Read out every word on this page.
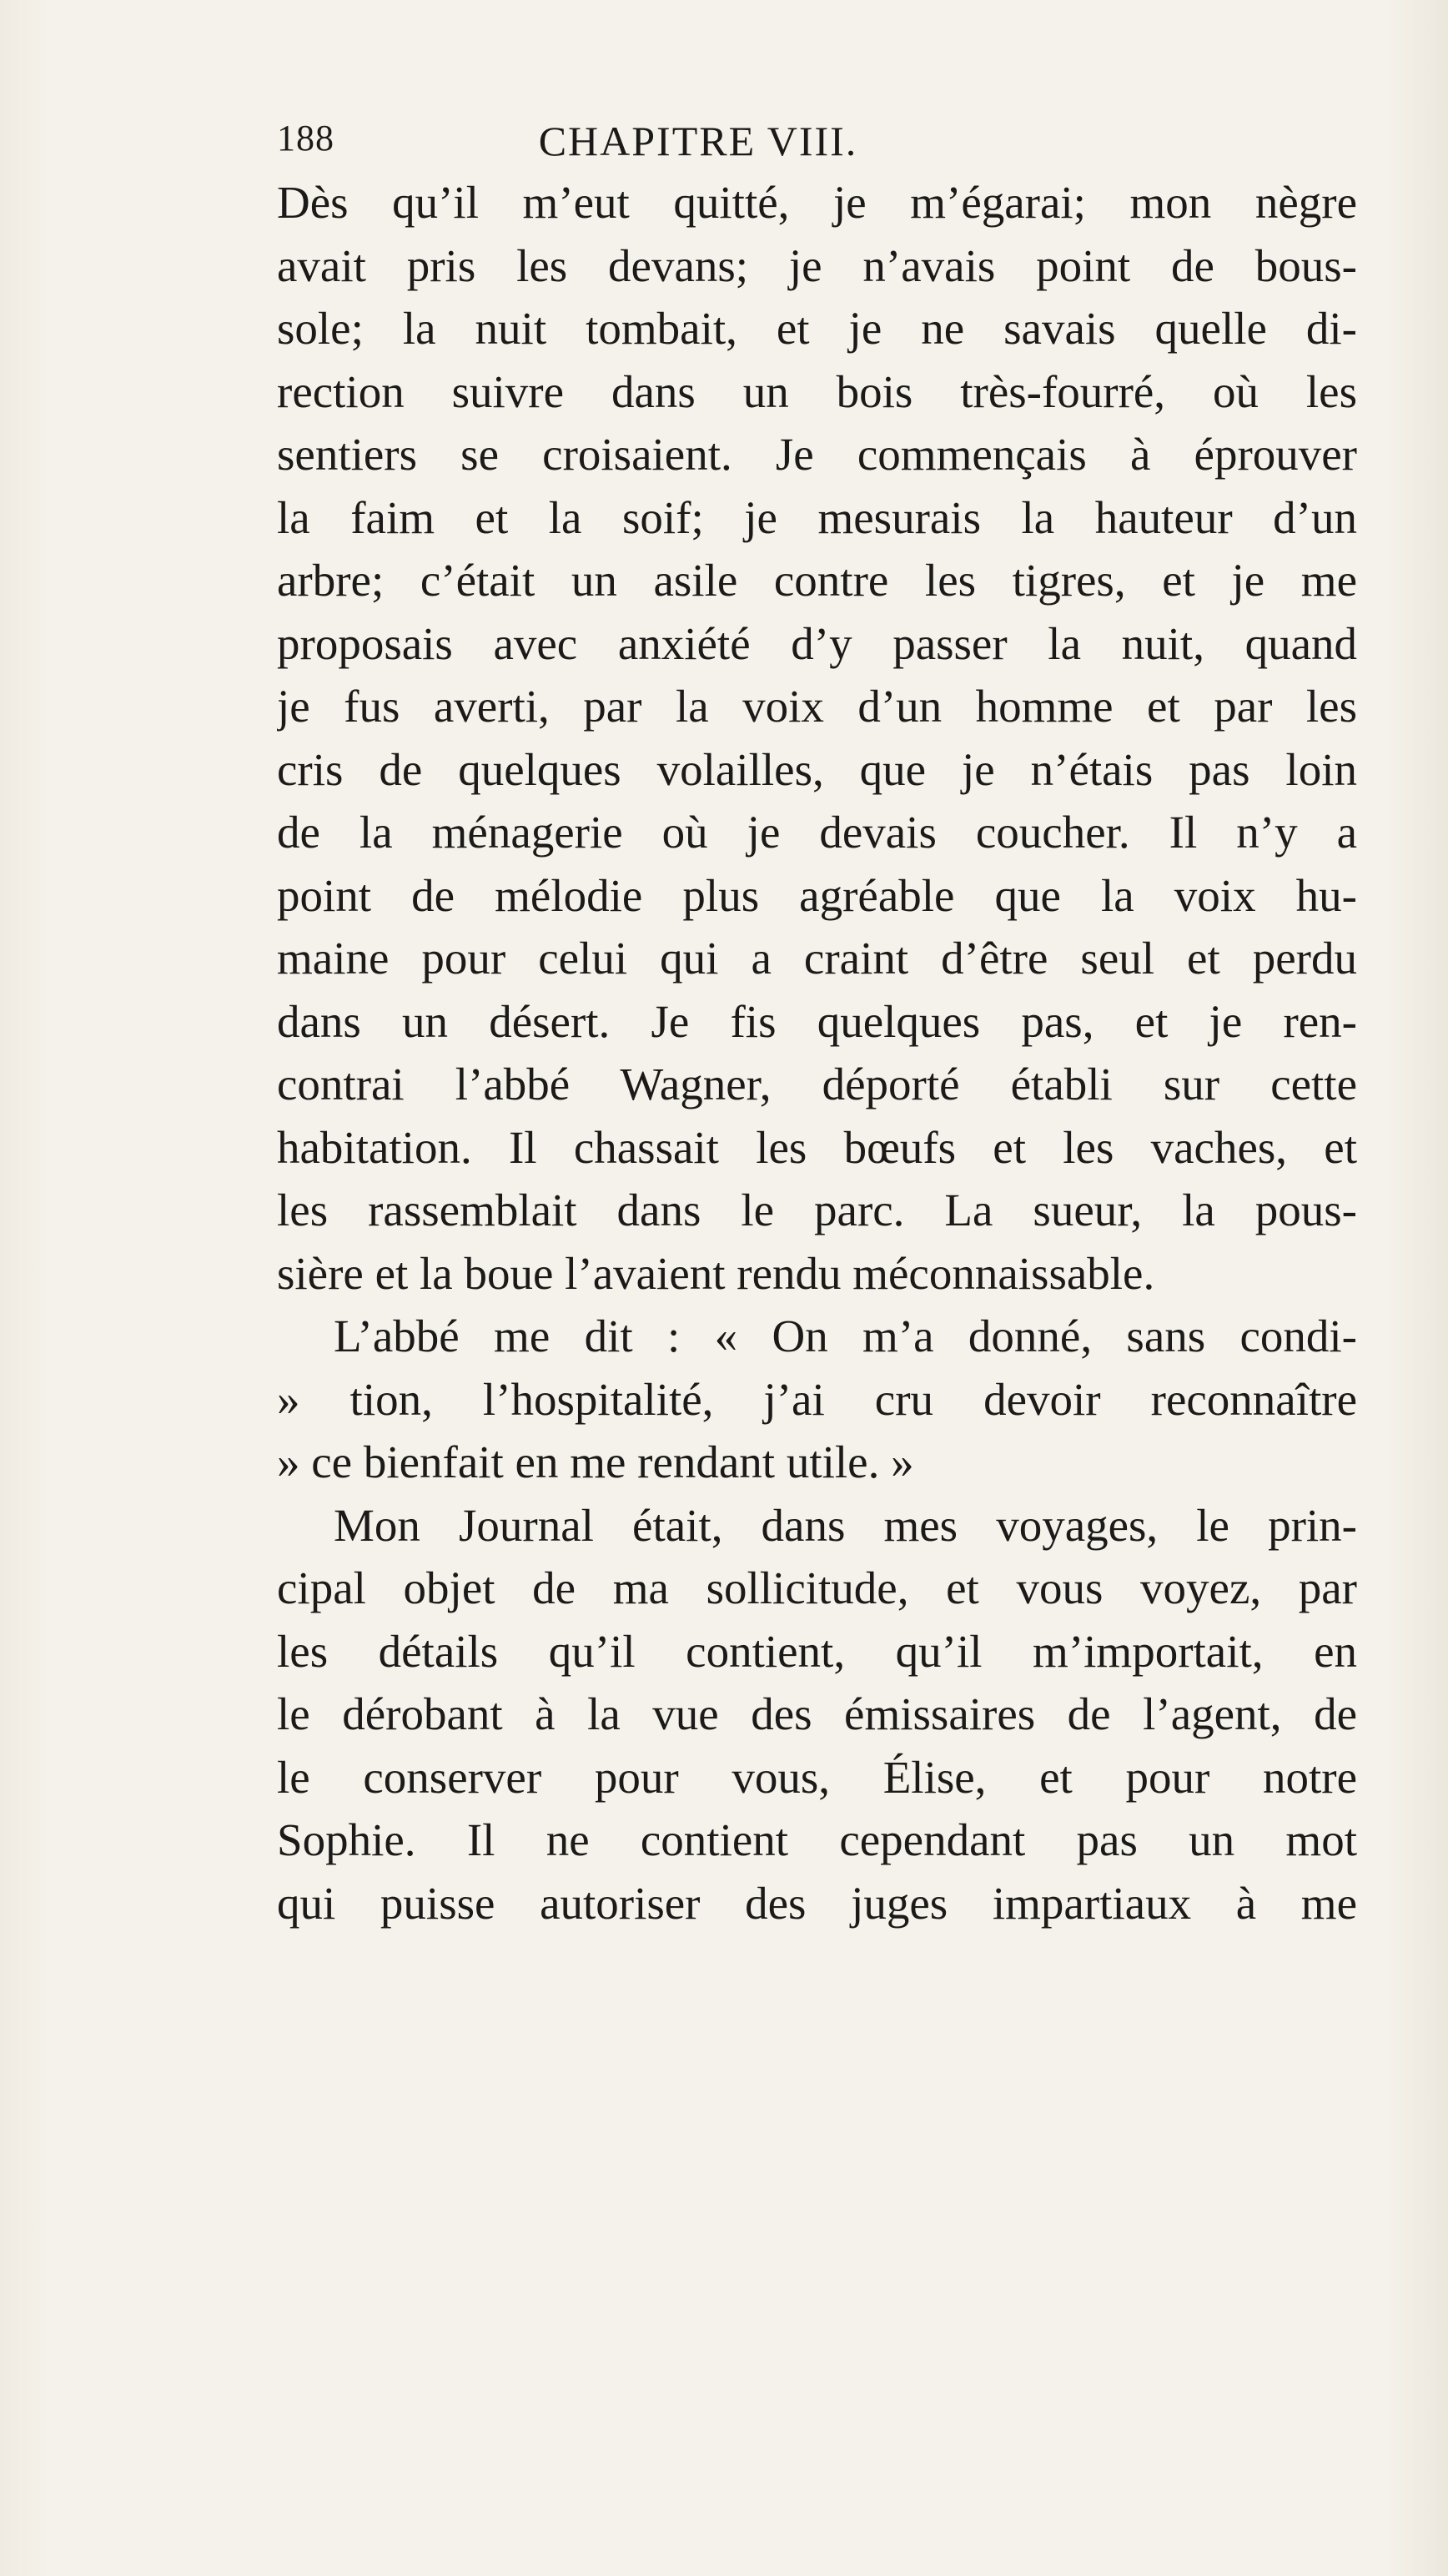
188	CHAPITRE VIII.
Dès qu’il m’eut quitté, je m’égarai; mon nègre
avait pris les devans; je n’avais point de bous-
sole; la nuit tombait, et je ne savais quelle di-
rection suivre dans un bois très-fourré, où les
sentiers se croisaient. Je commençais à éprouver
la faim et la soif; je mesurais la hauteur d’un
arbre; c’était un asile contre les tigres, et je me
proposais avec anxiété d’y passer la nuit, quand
je fus averti, par la voix d’un homme et par les
cris de quelques volailles, que je n’étais pas loin
de la ménagerie où je devais coucher. Il n’y a
point de mélodie plus agréable que la voix hu-
maine pour celui qui a craint d’être seul et perdu
dans un désert. Je fis quelques pas, et je ren-
contrai l’abbé Wagner, déporté établi sur cette
habitation. Il chassait les bœufs et les vaches, et
les rassemblait dans le parc. La sueur, la pous-
sière et la boue l’avaient rendu méconnaissable.
L’abbé me dit : « On m’a donné, sans condi-
» tion, l’hospitalité, j’ai cru devoir reconnaître
» ce bienfait en me rendant utile. »
Mon Journal était, dans mes voyages, le prin-
cipal objet de ma sollicitude, et vous voyez, par
les détails qu’il contient, qu’il m’importait, en
le dérobant à la vue des émissaires de l’agent, de
le conserver pour vous, Élise, et pour notre
Sophie. Il ne contient cependant pas un mot
qui puisse autoriser des juges impartiaux à me
